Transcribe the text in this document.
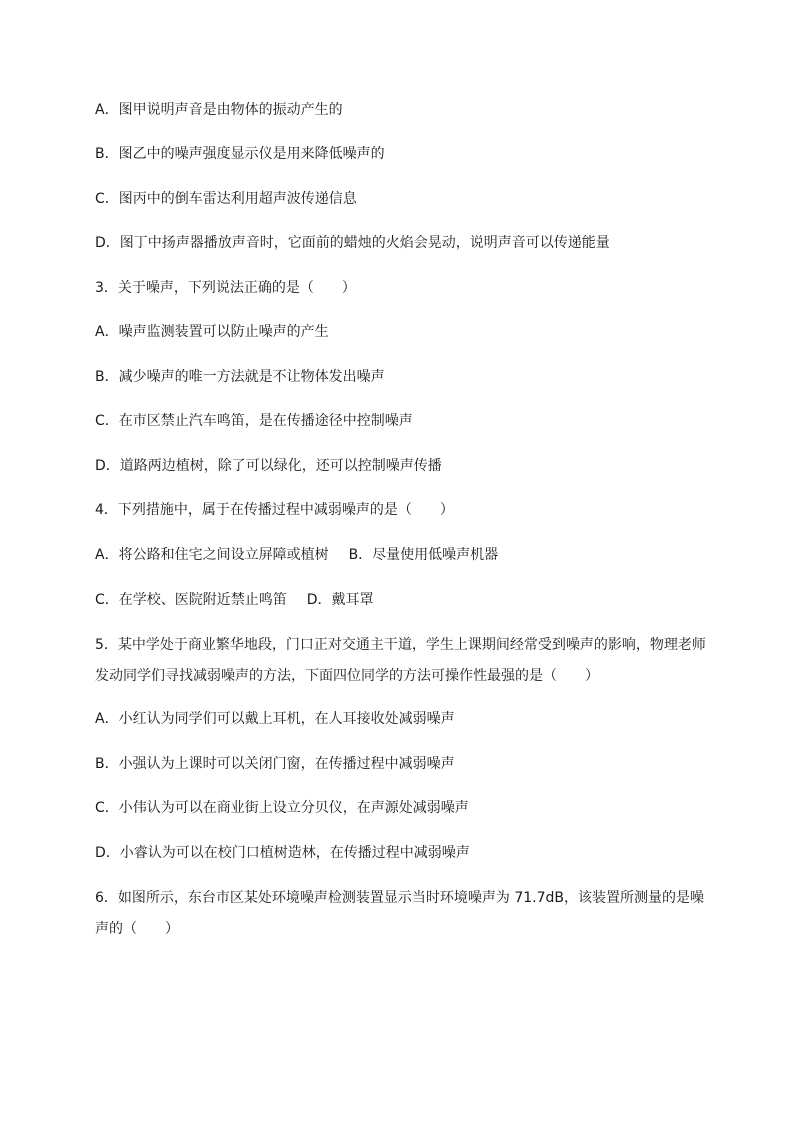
A．图甲说明声音是由物体的振动产生的
B．图乙中的噪声强度显示仪是用来降低噪声的
C．图丙中的倒车雷达利用超声波传递信息
D．图丁中扬声器播放声音时，它面前的蜡烛的火焰会晃动，说明声音可以传递能量
3．关于噪声，下列说法正确的是（　　）
A．噪声监测装置可以防止噪声的产生
B．减少噪声的唯一方法就是不让物体发出噪声
C．在市区禁止汽车鸣笛，是在传播途径中控制噪声
D．道路两边植树，除了可以绿化，还可以控制噪声传播
4．下列措施中，属于在传播过程中减弱噪声的是（　　）
A．将公路和住宅之间设立屏障或植树 B．尽量使用低噪声机器
C．在学校、医院附近禁止鸣笛 D．戴耳罩
5．某中学处于商业繁华地段，门口正对交通主干道，学生上课期间经常受到噪声的影响，物理老师发动同学们寻找减弱噪声的方法，下面四位同学的方法可操作性最强的是（　　）
A．小红认为同学们可以戴上耳机，在人耳接收处减弱噪声
B．小强认为上课时可以关闭门窗，在传播过程中减弱噪声
C．小伟认为可以在商业街上设立分贝仪，在声源处减弱噪声
D．小睿认为可以在校门口植树造林，在传播过程中减弱噪声
6．如图所示，东台市区某处环境噪声检测装置显示当时环境噪声为 71.7dB，该装置所测量的是噪声的（　　）
